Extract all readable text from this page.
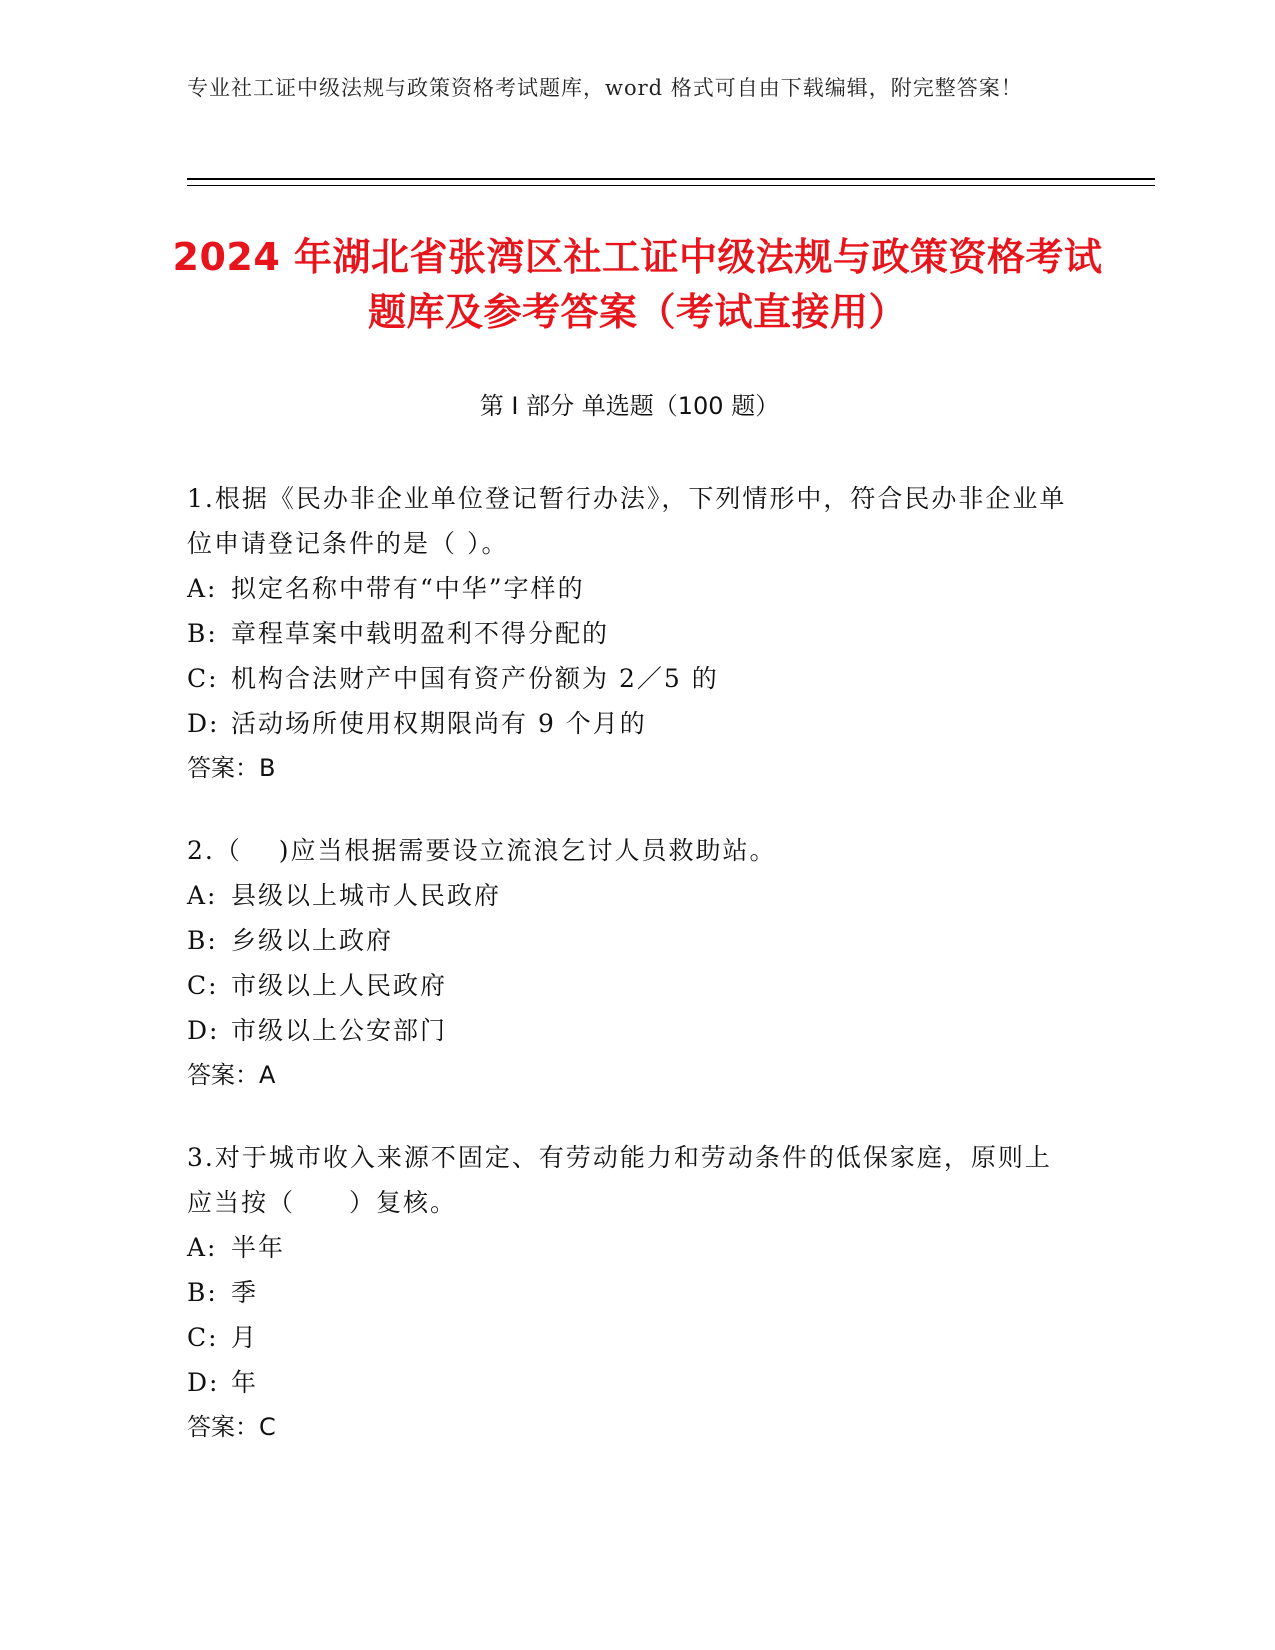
专业社工证中级法规与政策资格考试题库，word 格式可自由下载编辑，附完整答案！
2024 年湖北省张湾区社工证中级法规与政策资格考试题库及参考答案（考试直接用）
第 I 部分 单选题（100 题）

1.根据《民办非企业单位登记暂行办法》，下列情形中，符合民办非企业单位申请登记条件的是（ ）。

A: 拟定名称中带有“中华”字样的

B: 章程草案中载明盈利不得分配的

C: 机构合法财产中国有资产份额为 2／5 的

D: 活动场所使用权期限尚有 9 个月的

答案：B

2.（　 )应当根据需要设立流浪乞讨人员救助站。

A: 县级以上城市人民政府

B: 乡级以上政府

C: 市级以上人民政府

D: 市级以上公安部门

答案：A

3.对于城市收入来源不固定、有劳动能力和劳动条件的低保家庭，原则上应当按（　　）复核。

A: 半年

B: 季

C: 月

D: 年

答案：C
